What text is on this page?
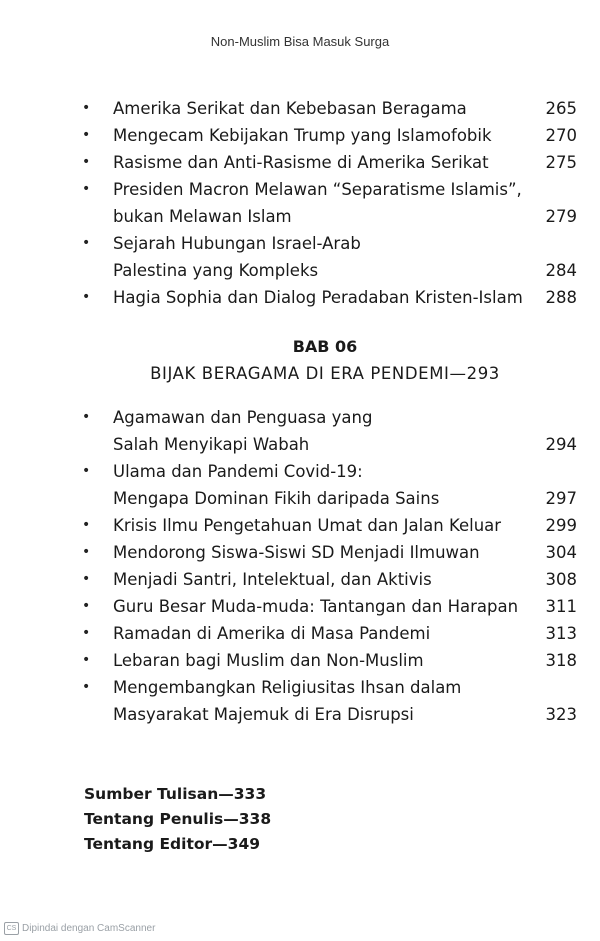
Non-Muslim Bisa Masuk Surga
•	Amerika Serikat dan Kebebasan Beragama	265
•	Mengecam Kebijakan Trump yang Islamofobik	270
•	Rasisme dan Anti-Rasisme di Amerika Serikat	275
•	Presiden Macron Melawan “Separatisme Islamis”,
bukan Melawan Islam	279
•	Sejarah Hubungan Israel-Arab
Palestina yang Kompleks	284
•	Hagia Sophia dan Dialog Peradaban Kristen-Islam 288
BAB 06
BIJAK BERAGAMA DI ERA PENDEMI—293
•	Agamawan dan Penguasa yang
Salah Menyikapi Wabah	294
•	Ulama dan Pandemi Covid-19:
Mengapa Dominan Fikih daripada Sains	297
•	Krisis Ilmu Pengetahuan Umat dan Jalan Keluar	299
•	Mendorong Siswa-Siswi SD Menjadi Ilmuwan	304
•	Menjadi Santri, Intelektual, dan Aktivis	308
•	Guru Besar Muda-muda: Tantangan dan Harapan 311
•	Ramadan di Amerika di Masa Pandemi	313
•	Lebaran bagi Muslim dan Non-Muslim	318
•	Mengembangkan Religiusitas Ihsan dalam
Masyarakat Majemuk di Era Disrupsi	323
Sumber Tulisan—333
Tentang Penulis—338
Tentang Editor—349
CS Dipindai dengan CamScanner
